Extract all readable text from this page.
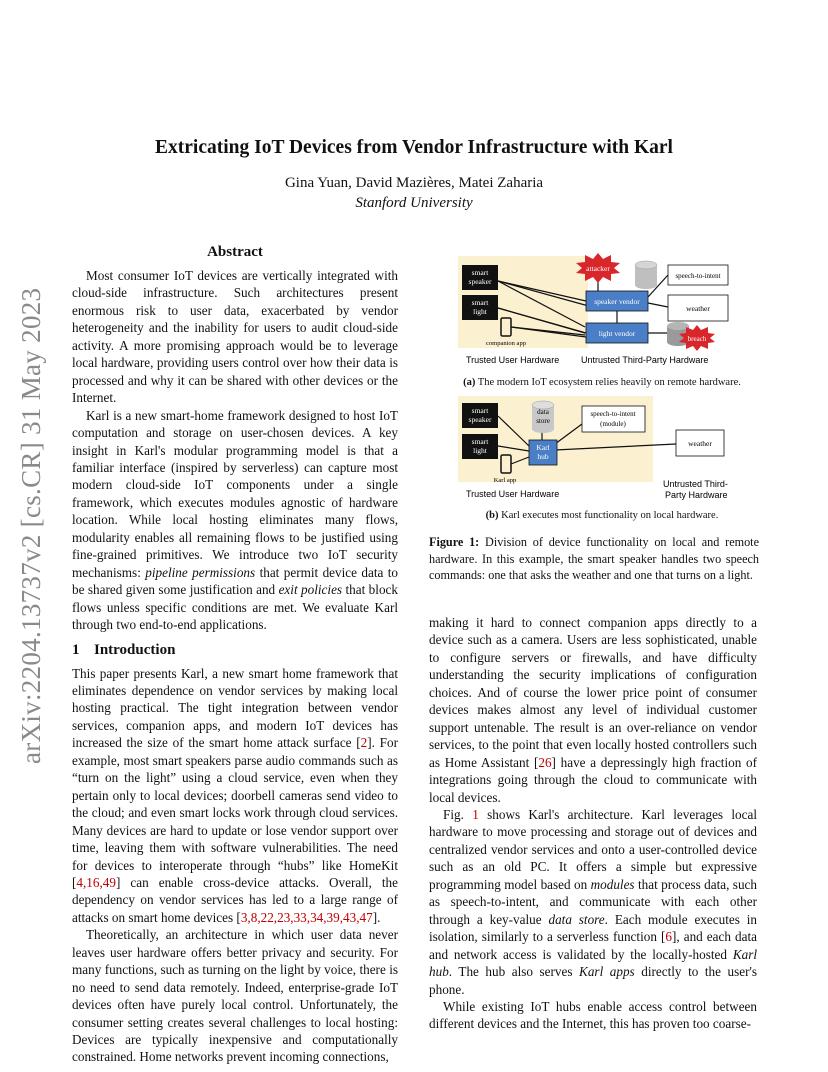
arXiv:2204.13737v2 [cs.CR] 31 May 2023
Extricating IoT Devices from Vendor Infrastructure with Karl
Gina Yuan, David Mazières, Matei Zaharia
Stanford University
Abstract

Most consumer IoT devices are vertically integrated with cloud-side infrastructure. Such architectures present enormous risk to user data, exacerbated by vendor heterogeneity and the inability for users to audit cloud-side activity. A more promising approach would be to leverage local hardware, providing users control over how their data is processed and why it can be shared with other devices or the Internet.

Karl is a new smart-home framework designed to host IoT computation and storage on user-chosen devices. A key insight in Karl's modular programming model is that a familiar interface (inspired by serverless) can capture most modern cloud-side IoT components under a single framework, which executes modules agnostic of hardware location. While local hosting eliminates many flows, modularity enables all remaining flows to be justified using fine-grained primitives. We introduce two IoT security mechanisms: pipeline permissions that permit device data to be shared given some justification and exit policies that block flows unless specific conditions are met. We evaluate Karl through two end-to-end applications.

1 Introduction

This paper presents Karl, a new smart home framework that eliminates dependence on vendor services by making local hosting practical. The tight integration between vendor services, companion apps, and modern IoT devices has increased the size of the smart home attack surface [2]. For example, most smart speakers parse audio commands such as “turn on the light” using a cloud service, even when they pertain only to local devices; doorbell cameras send video to the cloud; and even smart locks work through cloud services. Many devices are hard to update or lose vendor support over time, leaving them with software vulnerabilities. The need for devices to interoperate through “hubs” like HomeKit [4,16,49] can enable cross-device attacks. Overall, the dependency on vendor services has led to a large range of attacks on smart home devices [3,8,22,23,33,34,39,43,47].

Theoretically, an architecture in which user data never leaves user hardware offers better privacy and security. For many functions, such as turning on the light by voice, there is no need to send data remotely. Indeed, enterprise-grade IoT devices often have purely local control. Unfortunately, the consumer setting creates several challenges to local hosting: Devices are typically inexpensive and computationally constrained. Home networks prevent incoming connections,

smart
speaker
smart
light
companion app
speaker vendor
light vendor
attacker
speech-to-intent
weather
breach
Trusted User Hardware Untrusted Third-Party Hardware
(a) The modern IoT ecosystem relies heavily on remote hardware.
smart
speaker
smart
light
Karl app
data
store
Karl
hub
speech-to-intent
(module)
weather
Trusted User Hardware
Untrusted Third-
Party Hardware
(b) Karl executes most functionality on local hardware.
Figure 1: Division of device functionality on local and remote hardware. In this example, the smart speaker handles two speech commands: one that asks the weather and one that turns on a light.

making it hard to connect companion apps directly to a device such as a camera. Users are less sophisticated, unable to configure servers or firewalls, and have difficulty understanding the security implications of configuration choices. And of course the lower price point of consumer devices makes almost any level of individual customer support untenable. The result is an over-reliance on vendor services, to the point that even locally hosted controllers such as Home Assistant [26] have a depressingly high fraction of integrations going through the cloud to communicate with local devices.

Fig. 1 shows Karl's architecture. Karl leverages local hardware to move processing and storage out of devices and centralized vendor services and onto a user-controlled device such as an old PC. It offers a simple but expressive programming model based on modules that process data, such as speech-to-intent, and communicate with each other through a key-value data store. Each module executes in isolation, similarly to a serverless function [6], and each data and network access is validated by the locally-hosted Karl hub. The hub also serves Karl apps directly to the user's phone.

While existing IoT hubs enable access control between different devices and the Internet, this has proven too coarse-
